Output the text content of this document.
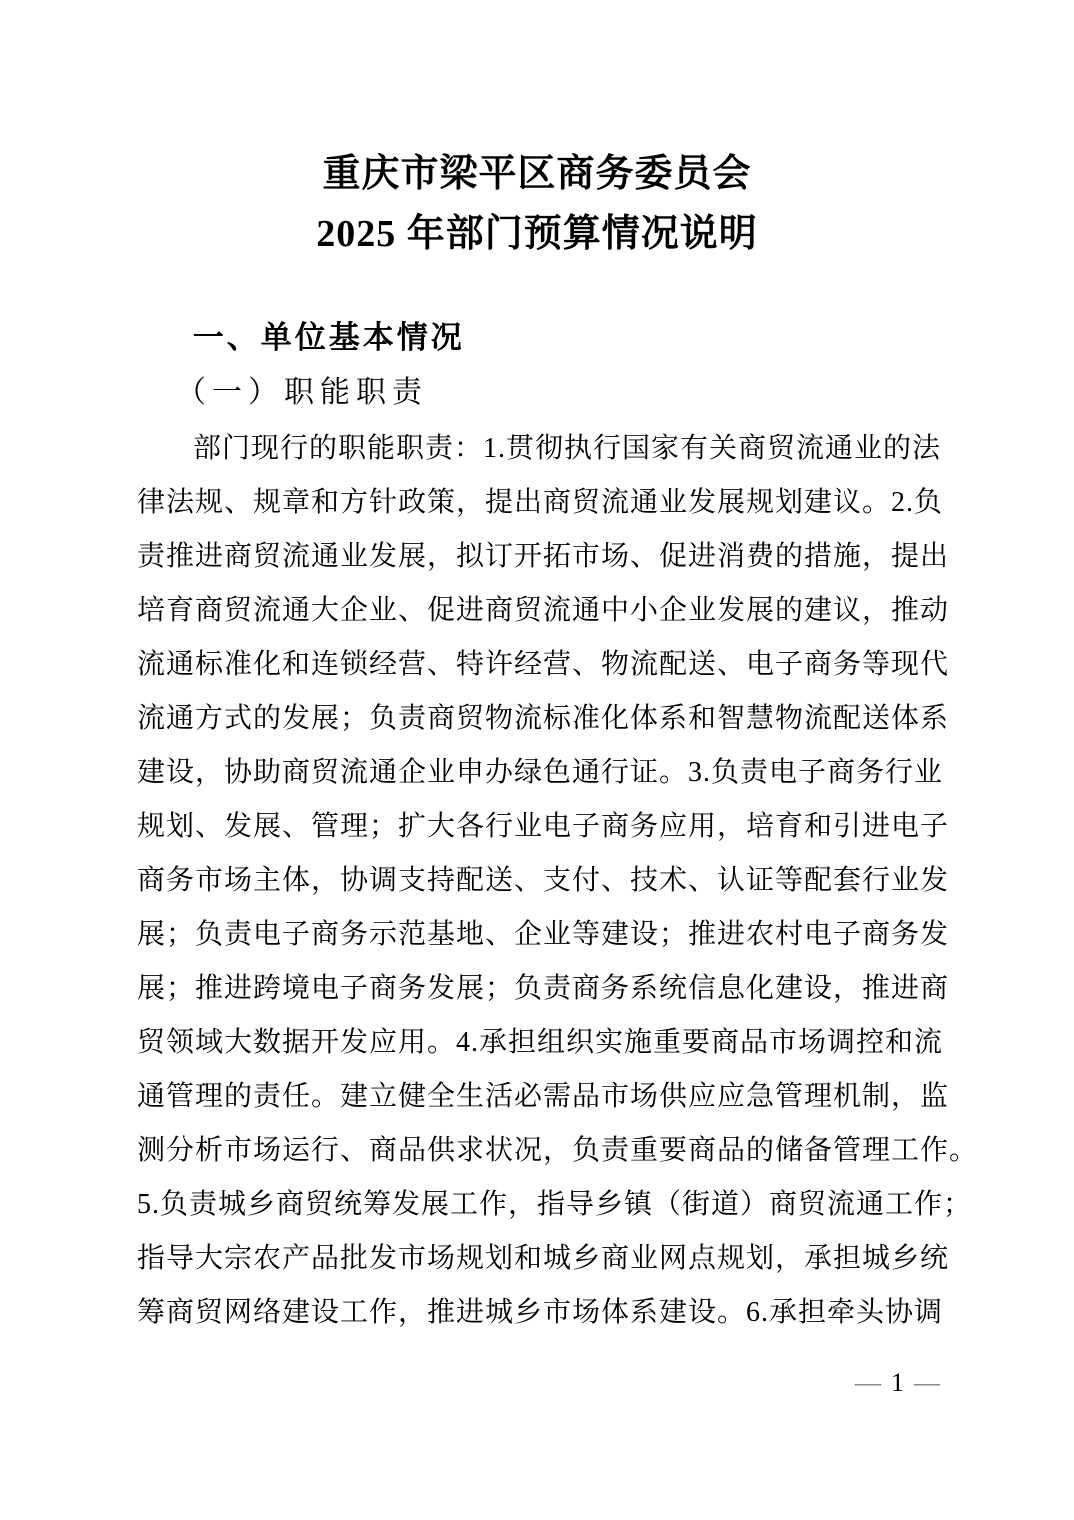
重庆市梁平区商务委员会
2025 年部门预算情况说明
一、单位基本情况
（一）职能职责
部门现行的职能职责：1.贯彻执行国家有关商贸流通业的法
律法规、规章和方针政策，提出商贸流通业发展规划建议。2.负
责推进商贸流通业发展，拟订开拓市场、促进消费的措施，提出
培育商贸流通大企业、促进商贸流通中小企业发展的建议，推动
流通标准化和连锁经营、特许经营、物流配送、电子商务等现代
流通方式的发展；负责商贸物流标准化体系和智慧物流配送体系
建设，协助商贸流通企业申办绿色通行证。3.负责电子商务行业
规划、发展、管理；扩大各行业电子商务应用，培育和引进电子
商务市场主体，协调支持配送、支付、技术、认证等配套行业发
展；负责电子商务示范基地、企业等建设；推进农村电子商务发
展；推进跨境电子商务发展；负责商务系统信息化建设，推进商
贸领域大数据开发应用。4.承担组织实施重要商品市场调控和流
通管理的责任。建立健全生活必需品市场供应应急管理机制，监
测分析市场运行、商品供求状况，负责重要商品的储备管理工作。
5.负责城乡商贸统筹发展工作，指导乡镇（街道）商贸流通工作；
指导大宗农产品批发市场规划和城乡商业网点规划，承担城乡统
筹商贸网络建设工作，推进城乡市场体系建设。6.承担牵头协调
— 1 —
